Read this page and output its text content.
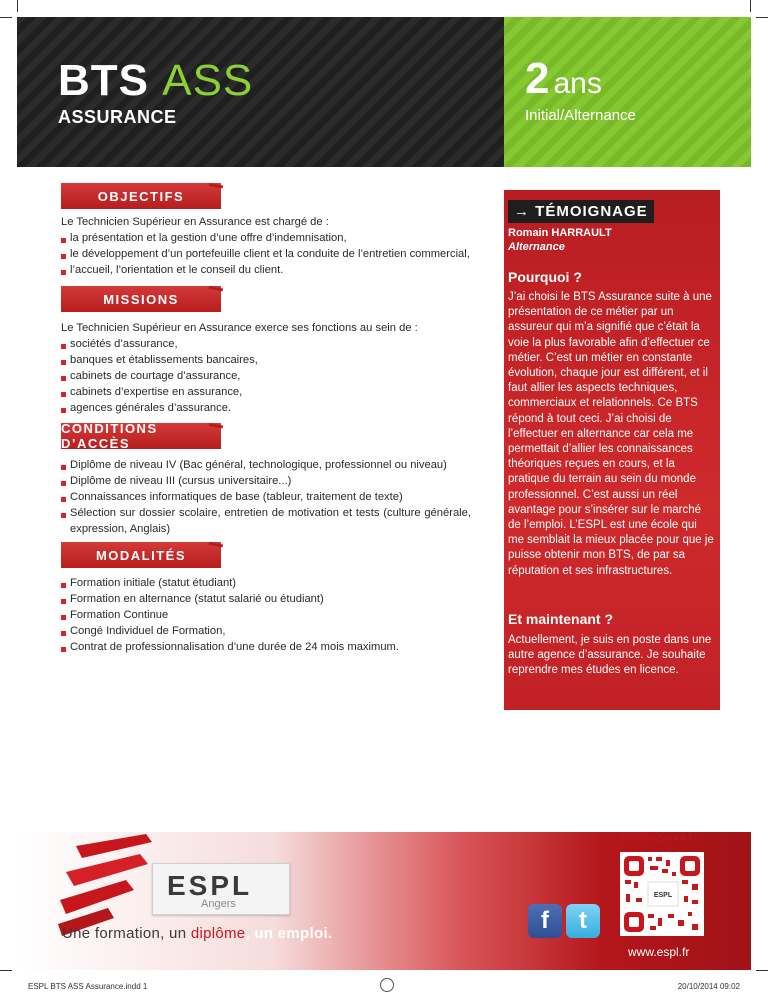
BTS ASS
ASSURANCE
2 ans
Initial/Alternance
OBJECTIFS
Le Technicien Supérieur en Assurance est chargé de :
la présentation et la gestion d’une offre d’indemnisation,
le développement d’un portefeuille client et la conduite de l’entretien commercial,
l’accueil, l’orientation et le conseil du client.
MISSIONS
Le Technicien Supérieur en Assurance exerce ses fonctions au sein de :
sociétés d’assurance,
banques et établissements bancaires,
cabinets de courtage d’assurance,
cabinets d’expertise en assurance,
agences générales d’assurance.
CONDITIONS D’ACCÈS
Diplôme de niveau IV (Bac général, technologique, professionnel ou niveau)
Diplôme de niveau III (cursus universitaire...)
Connaissances informatiques de base (tableur, traitement de texte)
Sélection sur dossier scolaire, entretien de motivation et tests (culture générale, expression, Anglais)
MODALITÉS
Formation initiale (statut étudiant)
Formation en alternance (statut salarié ou étudiant)
Formation Continue
Congé Individuel de Formation,
Contrat de professionnalisation d’une durée de 24 mois maximum.
→ TÉMOIGNAGE
Romain HARRAULT
Alternance
Pourquoi ?
J’ai choisi le BTS Assurance suite à une présentation de ce métier par un assureur qui m’a signifié que c’était la voie la plus favorable afin d’effectuer ce métier. C’est un métier en constante évolution, chaque jour est différent, et il faut allier les aspects techniques, commerciaux et relationnels. Ce BTS répond à tout ceci. J’ai choisi de l’effectuer en alternance car cela me permettait d’allier les connaissances théoriques reçues en cours, et la pratique du terrain au sein du monde professionnel. C’est aussi un réel avantage pour s’insérer sur le marché de l’emploi. L’ESPL est une école qui me semblait la mieux placée pour que je puisse obtenir mon BTS, de par sa réputation et ses infrastructures.
Et maintenant ?
Actuellement, je suis en poste dans une autre agence d’assurance. Je souhaite reprendre mes études en licence.
ESPL
Angers
Une formation, un diplôme, un emploi.	f	t
Flashez-moi !
ESPL
www.espl.fr
ESPL BTS ASS Assurance.indd 1	20/10/2014 09:02
